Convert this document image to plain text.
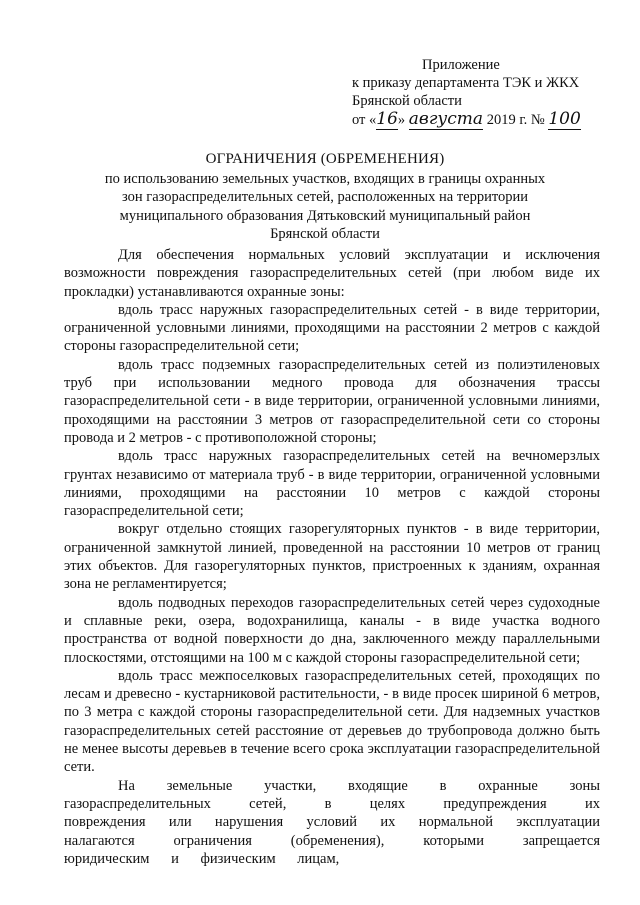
Приложение
к приказу департамента ТЭК и ЖКХ
Брянской области
от «16» августа 2019 г. № 100
ОГРАНИЧЕНИЯ (ОБРЕМЕНЕНИЯ)
по использованию земельных участков, входящих в границы охранных
зон газораспределительных сетей, расположенных на территории
муниципального образования Дятьковский муниципальный район
Брянской области

Для обеспечения нормальных условий эксплуатации и исключения возможности повреждения газораспределительных сетей (при любом виде их прокладки) устанавливаются охранные зоны:

вдоль трасс наружных газораспределительных сетей - в виде территории, ограниченной условными линиями, проходящими на расстоянии 2 метров с каждой стороны газораспределительной сети;

вдоль трасс подземных газораспределительных сетей из полиэтиленовых труб при использовании медного провода для обозначения трассы газораспределительной сети - в виде территории, ограниченной условными линиями, проходящими на расстоянии 3 метров от газораспределительной сети со стороны провода и 2 метров - с противоположной стороны;

вдоль трасс наружных газораспределительных сетей на вечномерзлых грунтах независимо от материала труб - в виде территории, ограниченной условными линиями, проходящими на расстоянии 10 метров с каждой стороны газораспределительной сети;

вокруг отдельно стоящих газорегуляторных пунктов - в виде территории, ограниченной замкнутой линией, проведенной на расстоянии 10 метров от границ этих объектов. Для газорегуляторных пунктов, пристроенных к зданиям, охранная зона не регламентируется;

вдоль подводных переходов газораспределительных сетей через судоходные и сплавные реки, озера, водохранилища, каналы - в виде участка водного пространства от водной поверхности до дна, заключенного между параллельными плоскостями, отстоящими на 100 м с каждой стороны газораспределительной сети;

вдоль трасс межпоселковых газораспределительных сетей, проходящих по лесам и древесно - кустарниковой растительности, - в виде просек шириной 6 метров, по 3 метра с каждой стороны газораспределительной сети. Для надземных участков газораспределительных сетей расстояние от деревьев до трубопровода должно быть не менее высоты деревьев в течение всего срока эксплуатации газораспределительной сети.

На земельные участки, входящие в охранные зоны газораспределительных сетей, в целях предупреждения их повреждения или нарушения условий их нормальной эксплуатации налагаются ограничения (обременения), которыми запрещается юридическим и физическим лицам,
